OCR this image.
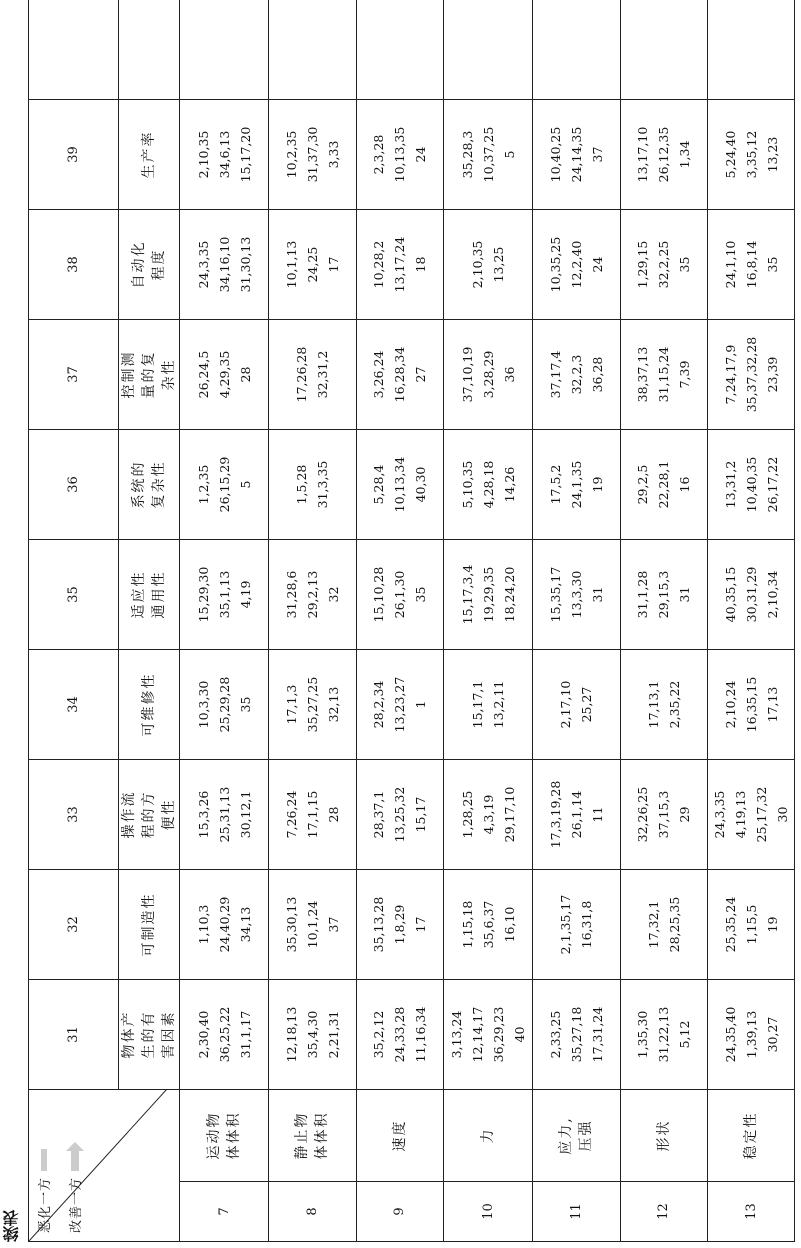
续表 恶化一方 改善一方		31	32	33	34	35	36	37	38	39	

		物体产 生的有 害因素	可制造性	操作流 程的方 便性	可维修性	适应性 通用性	系统的 复杂性	控制测 量的复 杂性	自动化 程度	生产率	

7	运动物 体体积	2,30,40 36,25,22 31,1,17	1,10,3 24,40,29 34,13	15,3,26 25,31,13 30,12,1	10,3,30 25,29,28 35	15,29,30 35,1,13 4,19	1,2,35 26,15,29 5	26,24,5 4,29,35 28	24,3,35 34,16,10 31,30,13	2,10,35 34,6,13 15,17,20	

8	静止物 体体积	12,18,13 35,4,30 2,21,31	35,30,13 10,1,24 37	7,26,24 17,1,15 28	17,1,3 35,27,25 32,13	31,28,6 29,2,13 32	1,5,28 31,3,35	17,26,28 32,31,2	10,1,13 24,25 17	10,2,35 31,37,30 3,33	

9	速度	35,2,12 24,33,28 11,16,34	35,13,28 1,8,29 17	28,37,1 13,25,32 15,17	28,2,34 13,23,27 1	15,10,28 26,1,30 35	5,28,4 10,13,34 40,30	3,26,24 16,28,34 27	10,28,2 13,17,24 18	2,3,28 10,13,35 24	

10	力	3,13,24 12,14,17 36,29,23 40	1,15,18 35,6,37 16,10	1,28,25 4,3,19 29,17,10	15,17,1 13,2,11	15,17,3,4 19,29,35 18,24,20	5,10,35 4,28,18 14,26	37,10,19 3,28,29 36	2,10,35 13,25	35,28,3 10,37,25 5	

11	应力, 压强	2,33,25 35,27,18 17,31,24	2,1,35,17 16,31,8	17,3,19,28 26,1,14 11	2,17,10 25,27	15,35,17 13,3,30 31	17,5,2 24,1,35 19	37,17,4 32,2,3 36,28	10,35,25 12,2,40 24	10,40,25 24,14,35 37	

12	形状	1,35,30 31,22,13 5,12	17,32,1 28,25,35	32,26,25 37,15,3 29	17,13,1 2,35,22	31,1,28 29,15,3 31	29,2,5 22,28,1 16	38,37,13 31,15,24 7,39	1,29,15 32,2,25 35	13,17,10 26,12,35 1,34	

13	稳定性	24,35,40 1,39,13 30,27	25,35,24 1,15,5 19	24,3,35 4,19,13 25,17,32 30	2,10,24 16,35,15 17,13	40,35,15 30,31,29 2,10,34	13,31,2 10,40,35 26,17,22	7,24,17,9 35,37,32,28 23,39	24,1,10 16,8,14 35	5,24,40 3,35,12 13,23	
